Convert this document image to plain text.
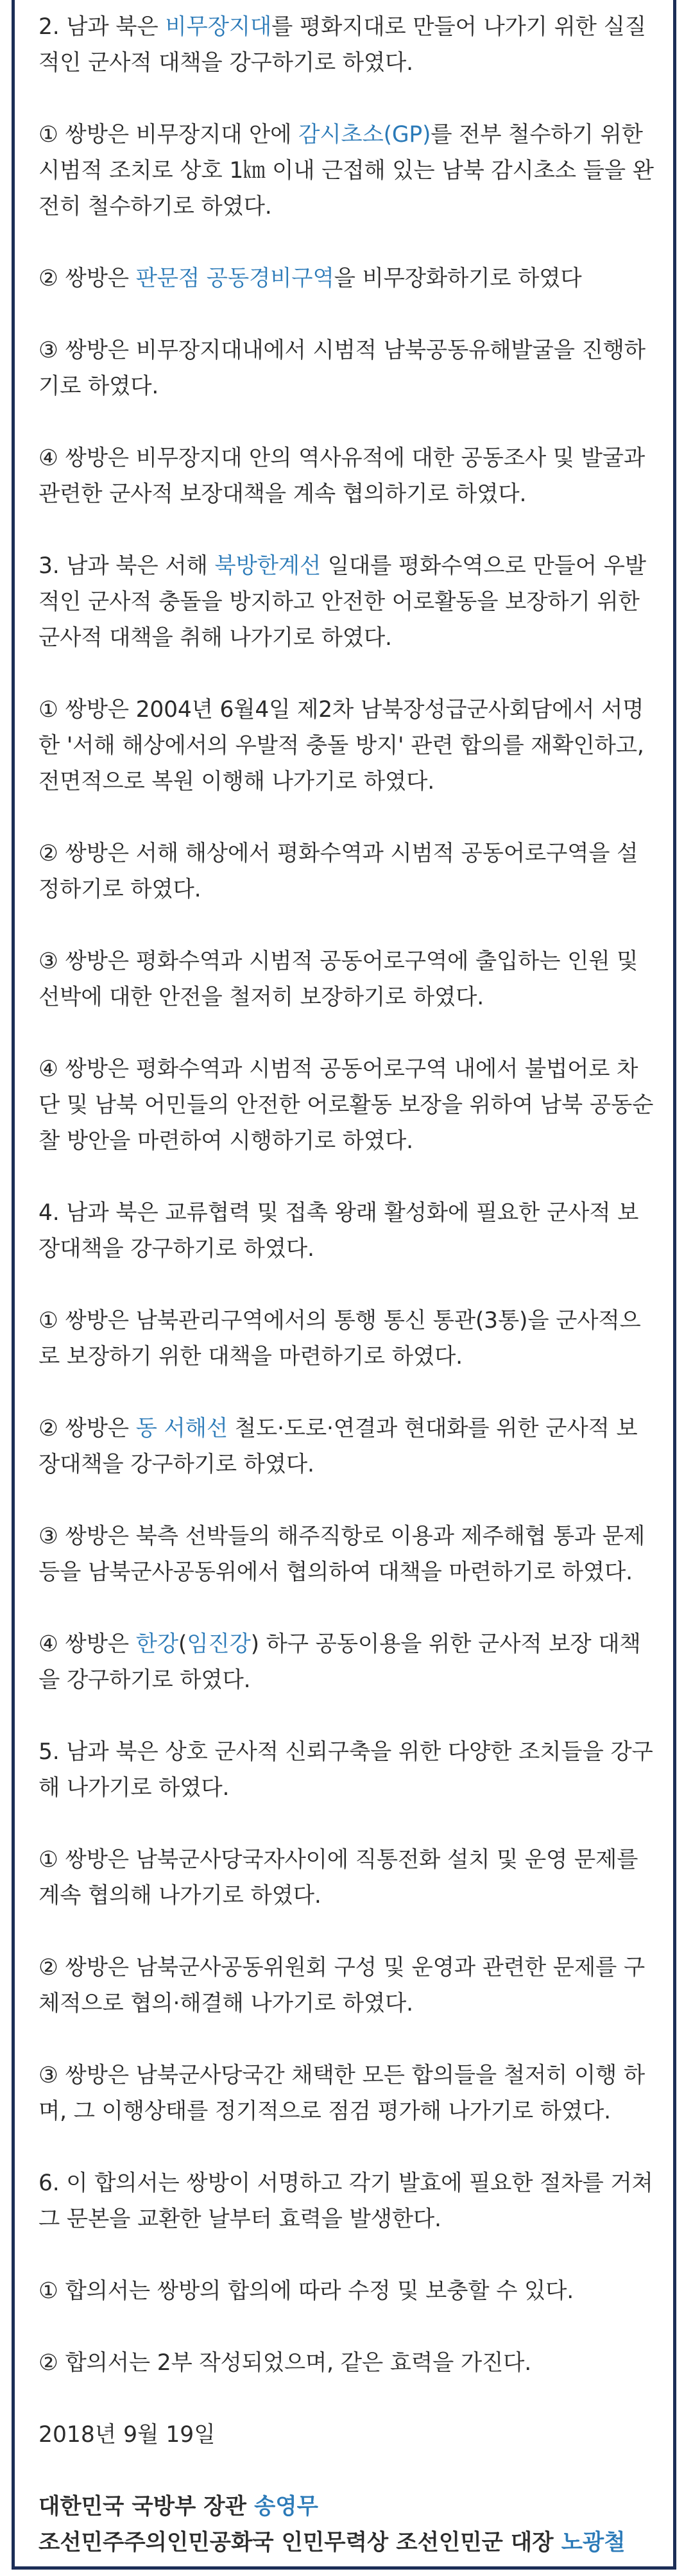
2. 남과 북은 비무장지대를 평화지대로 만들어 나가기 위한 실질
적인 군사적 대책을 강구하기로 하였다.

① 쌍방은 비무장지대 안에 감시초소(GP)를 전부 철수하기 위한
시범적 조치로 상호 1㎞ 이내 근접해 있는 남북 감시초소 들을 완
전히 철수하기로 하였다.

② 쌍방은 판문점 공동경비구역을 비무장화하기로 하였다

③ 쌍방은 비무장지대내에서 시범적 남북공동유해발굴을 진행하
기로 하였다.

④ 쌍방은 비무장지대 안의 역사유적에 대한 공동조사 및 발굴과
관련한 군사적 보장대책을 계속 협의하기로 하였다.

3. 남과 북은 서해 북방한계선 일대를 평화수역으로 만들어 우발
적인 군사적 충돌을 방지하고 안전한 어로활동을 보장하기 위한
군사적 대책을 취해 나가기로 하였다.

① 쌍방은 2004년 6월4일 제2차 남북장성급군사회담에서 서명
한 '서해 해상에서의 우발적 충돌 방지' 관련 합의를 재확인하고,
전면적으로 복원 이행해 나가기로 하였다.

② 쌍방은 서해 해상에서 평화수역과 시범적 공동어로구역을 설
정하기로 하였다.

③ 쌍방은 평화수역과 시범적 공동어로구역에 출입하는 인원 및
선박에 대한 안전을 철저히 보장하기로 하였다.

④ 쌍방은 평화수역과 시범적 공동어로구역 내에서 불법어로 차
단 및 남북 어민들의 안전한 어로활동 보장을 위하여 남북 공동순
찰 방안을 마련하여 시행하기로 하였다.

4. 남과 북은 교류협력 및 접촉 왕래 활성화에 필요한 군사적 보
장대책을 강구하기로 하였다.

① 쌍방은 남북관리구역에서의 통행 통신 통관(3통)을 군사적으
로 보장하기 위한 대책을 마련하기로 하였다.

② 쌍방은 동 서해선 철도·도로·연결과 현대화를 위한 군사적 보
장대책을 강구하기로 하였다.

③ 쌍방은 북측 선박들의 해주직항로 이용과 제주해협 통과 문제
등을 남북군사공동위에서 협의하여 대책을 마련하기로 하였다.

④ 쌍방은 한강(임진강) 하구 공동이용을 위한 군사적 보장 대책
을 강구하기로 하였다.

5. 남과 북은 상호 군사적 신뢰구축을 위한 다양한 조치들을 강구
해 나가기로 하였다.

① 쌍방은 남북군사당국자사이에 직통전화 설치 및 운영 문제를
계속 협의해 나가기로 하였다.

② 쌍방은 남북군사공동위원회 구성 및 운영과 관련한 문제를 구
체적으로 협의·해결해 나가기로 하였다.

③ 쌍방은 남북군사당국간 채택한 모든 합의들을 철저히 이행 하
며, 그 이행상태를 정기적으로 점검 평가해 나가기로 하였다.

6. 이 합의서는 쌍방이 서명하고 각기 발효에 필요한 절차를 거쳐
그 문본을 교환한 날부터 효력을 발생한다.

① 합의서는 쌍방의 합의에 따라 수정 및 보충할 수 있다.

② 합의서는 2부 작성되었으며, 같은 효력을 가진다.

2018년 9월 19일

대한민국 국방부 장관 송영무

조선민주주의인민공화국 인민무력상 조선인민군 대장 노광철
